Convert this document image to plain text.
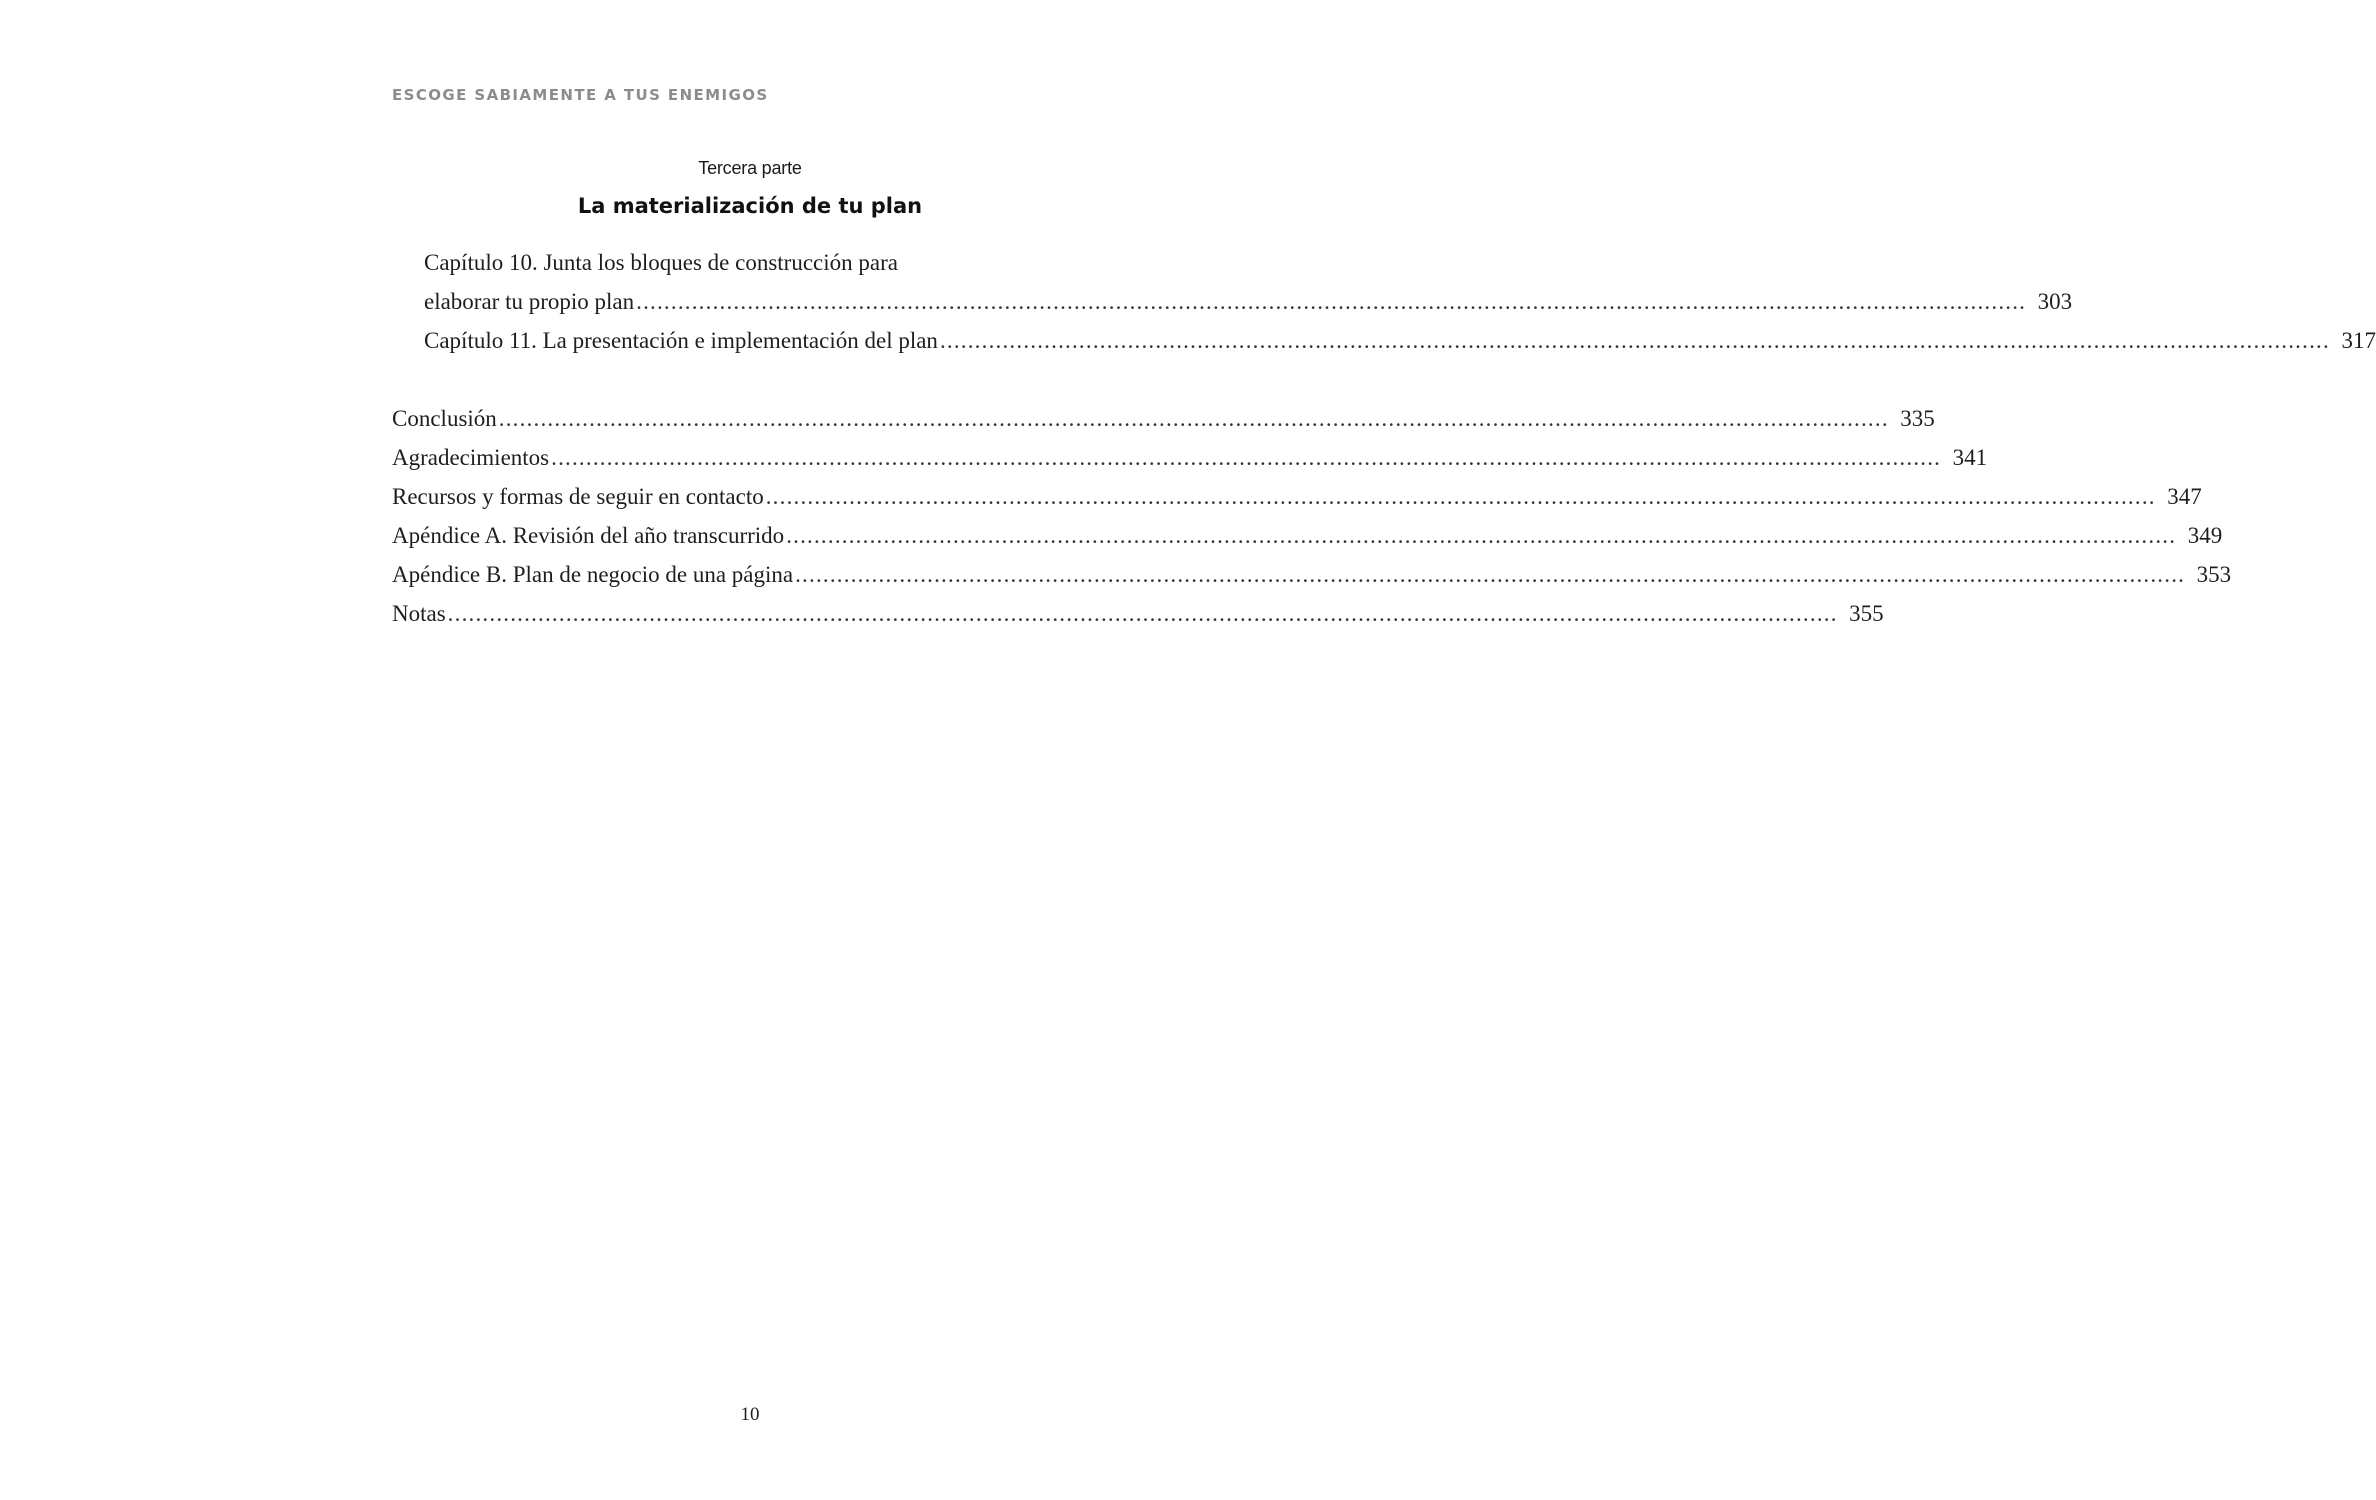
ESCOGE SABIAMENTE A TUS ENEMIGOS
Tercera parte
La materialización de tu plan
Capítulo 10. Junta los bloques de construcción para
elaborar tu propio plan ........................................................................................................................................................................................................ 303
Capítulo 11. La presentación e implementación del plan ........................................................................................................................................................................................................ 317
Conclusión ........................................................................................................................................................................................................ 335
Agradecimientos ........................................................................................................................................................................................................ 341
Recursos y formas de seguir en contacto ........................................................................................................................................................................................................ 347
Apéndice A. Revisión del año transcurrido ........................................................................................................................................................................................................ 349
Apéndice B. Plan de negocio de una página ........................................................................................................................................................................................................ 353
Notas ........................................................................................................................................................................................................ 355
10
